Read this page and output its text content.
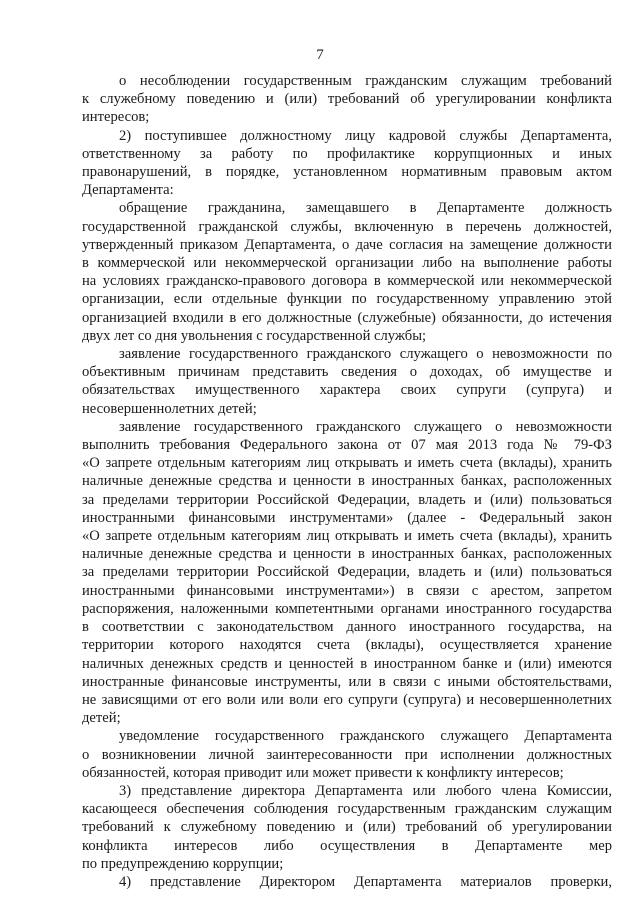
7
о несоблюдении государственным гражданским служащим требований
к служебному поведению и (или) требований об урегулировании конфликта
интересов;
2) поступившее должностному лицу кадровой службы Департамента,
ответственному за работу по профилактике коррупционных и иных
правонарушений, в порядке, установленном нормативным правовым актом
Департамента:
обращение гражданина, замещавшего в Департаменте должность
государственной гражданской службы, включенную в перечень должностей,
утвержденный приказом Департамента, о даче согласия на замещение должности
в коммерческой или некоммерческой организации либо на выполнение работы
на условиях гражданско-правового договора в коммерческой или некоммерческой
организации, если отдельные функции по государственному управлению этой
организацией входили в его должностные (служебные) обязанности, до истечения
двух лет со дня увольнения с государственной службы;
заявление государственного гражданского служащего о невозможности по
объективным причинам представить сведения о доходах, об имуществе и
обязательствах имущественного характера своих супруги (супруга) и
несовершеннолетних детей;
заявление государственного гражданского служащего о невозможности
выполнить требования Федерального закона от 07 мая 2013 года № 79-ФЗ
«О запрете отдельным категориям лиц открывать и иметь счета (вклады), хранить
наличные денежные средства и ценности в иностранных банках, расположенных
за пределами территории Российской Федерации, владеть и (или) пользоваться
иностранными финансовыми инструментами» (далее - Федеральный закон
«О запрете отдельным категориям лиц открывать и иметь счета (вклады), хранить
наличные денежные средства и ценности в иностранных банках, расположенных
за пределами территории Российской Федерации, владеть и (или) пользоваться
иностранными финансовыми инструментами») в связи с арестом, запретом
распоряжения, наложенными компетентными органами иностранного государства
в соответствии с законодательством данного иностранного государства, на
территории которого находятся счета (вклады), осуществляется хранение
наличных денежных средств и ценностей в иностранном банке и (или) имеются
иностранные финансовые инструменты, или в связи с иными обстоятельствами,
не зависящими от его воли или воли его супруги (супруга) и несовершеннолетних
детей;
уведомление государственного гражданского служащего Департамента
о возникновении личной заинтересованности при исполнении должностных
обязанностей, которая приводит или может привести к конфликту интересов;
3) представление директора Департамента или любого члена Комиссии,
касающееся обеспечения соблюдения государственным гражданским служащим
требований к служебному поведению и (или) требований об урегулировании
конфликта интересов либо осуществления в Департаменте мер
по предупреждению коррупции;
4) представление Директором Департамента материалов проверки,
